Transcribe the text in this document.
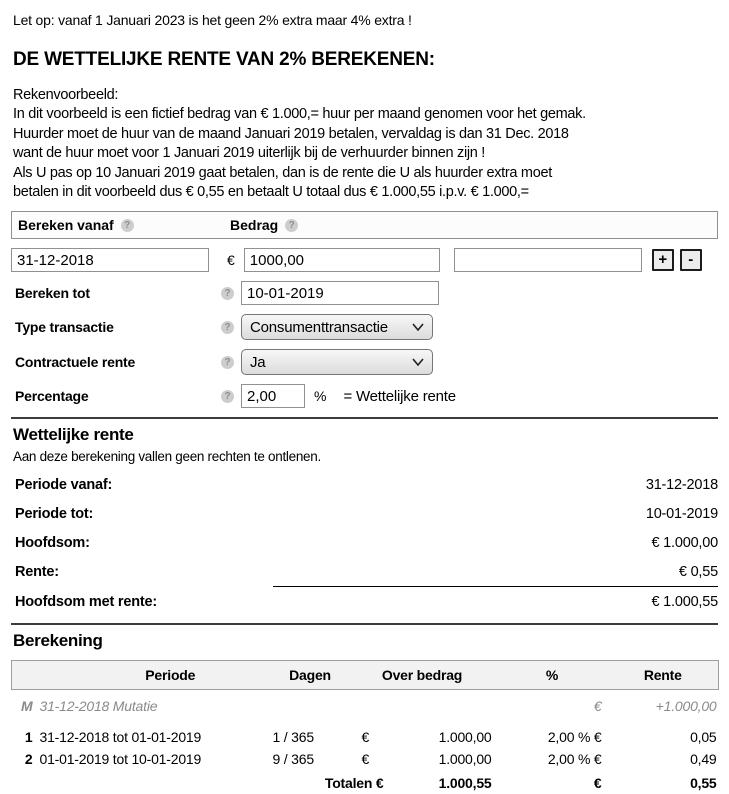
Let op: vanaf 1 Januari 2023 is het geen 2% extra maar 4% extra !
DE WETTELIJKE RENTE VAN 2% BEREKENEN:
Rekenvoorbeeld:
In dit voorbeeld is een fictief bedrag van € 1.000,= huur per maand genomen voor het gemak.
Huurder moet de huur van de maand Januari 2019 betalen, vervaldag is dan 31 Dec. 2018
want de huur moet voor 1 Januari 2019 uiterlijk bij de verhuurder binnen zijn !
Als U pas op 10 Januari 2019 gaat betalen, dan is de rente die U als huurder extra moet
betalen in dit voorbeeld dus € 0,55 en betaalt U totaal dus € 1.000,55 i.p.v. € 1.000,=
Bereken vanaf	?	Bedrag	?
31-12-2018
€
1000,00	+	-
Bereken tot	?
10-01-2019
Type transactie	? Consumenttransactie
Contractuele rente	? Ja
Percentage	?
2,00	% = Wettelijke rente
Wettelijke rente
Aan deze berekening vallen geen rechten te ontlenen.
Periode vanaf:	31-12-2018
Periode tot:	10-01-2019
Hoofdsom:	€ 1.000,00
Rente:	€ 0,55
Hoofdsom met rente:	€ 1.000,55
Berekening
Periode		Dagen	Over bedrag		%	Rente
M	31-12-2018 Mutatie				€	+1.000,00
1	31-12-2018 tot 01-01-2019	1 / 365	€	1.000,00	2,00 % €	0,05
2	01-01-2019 tot 10-01-2019	9 / 365	€	1.000,00	2,00 % €	0,49
		Totalen €		1.000,55	€	0,55
